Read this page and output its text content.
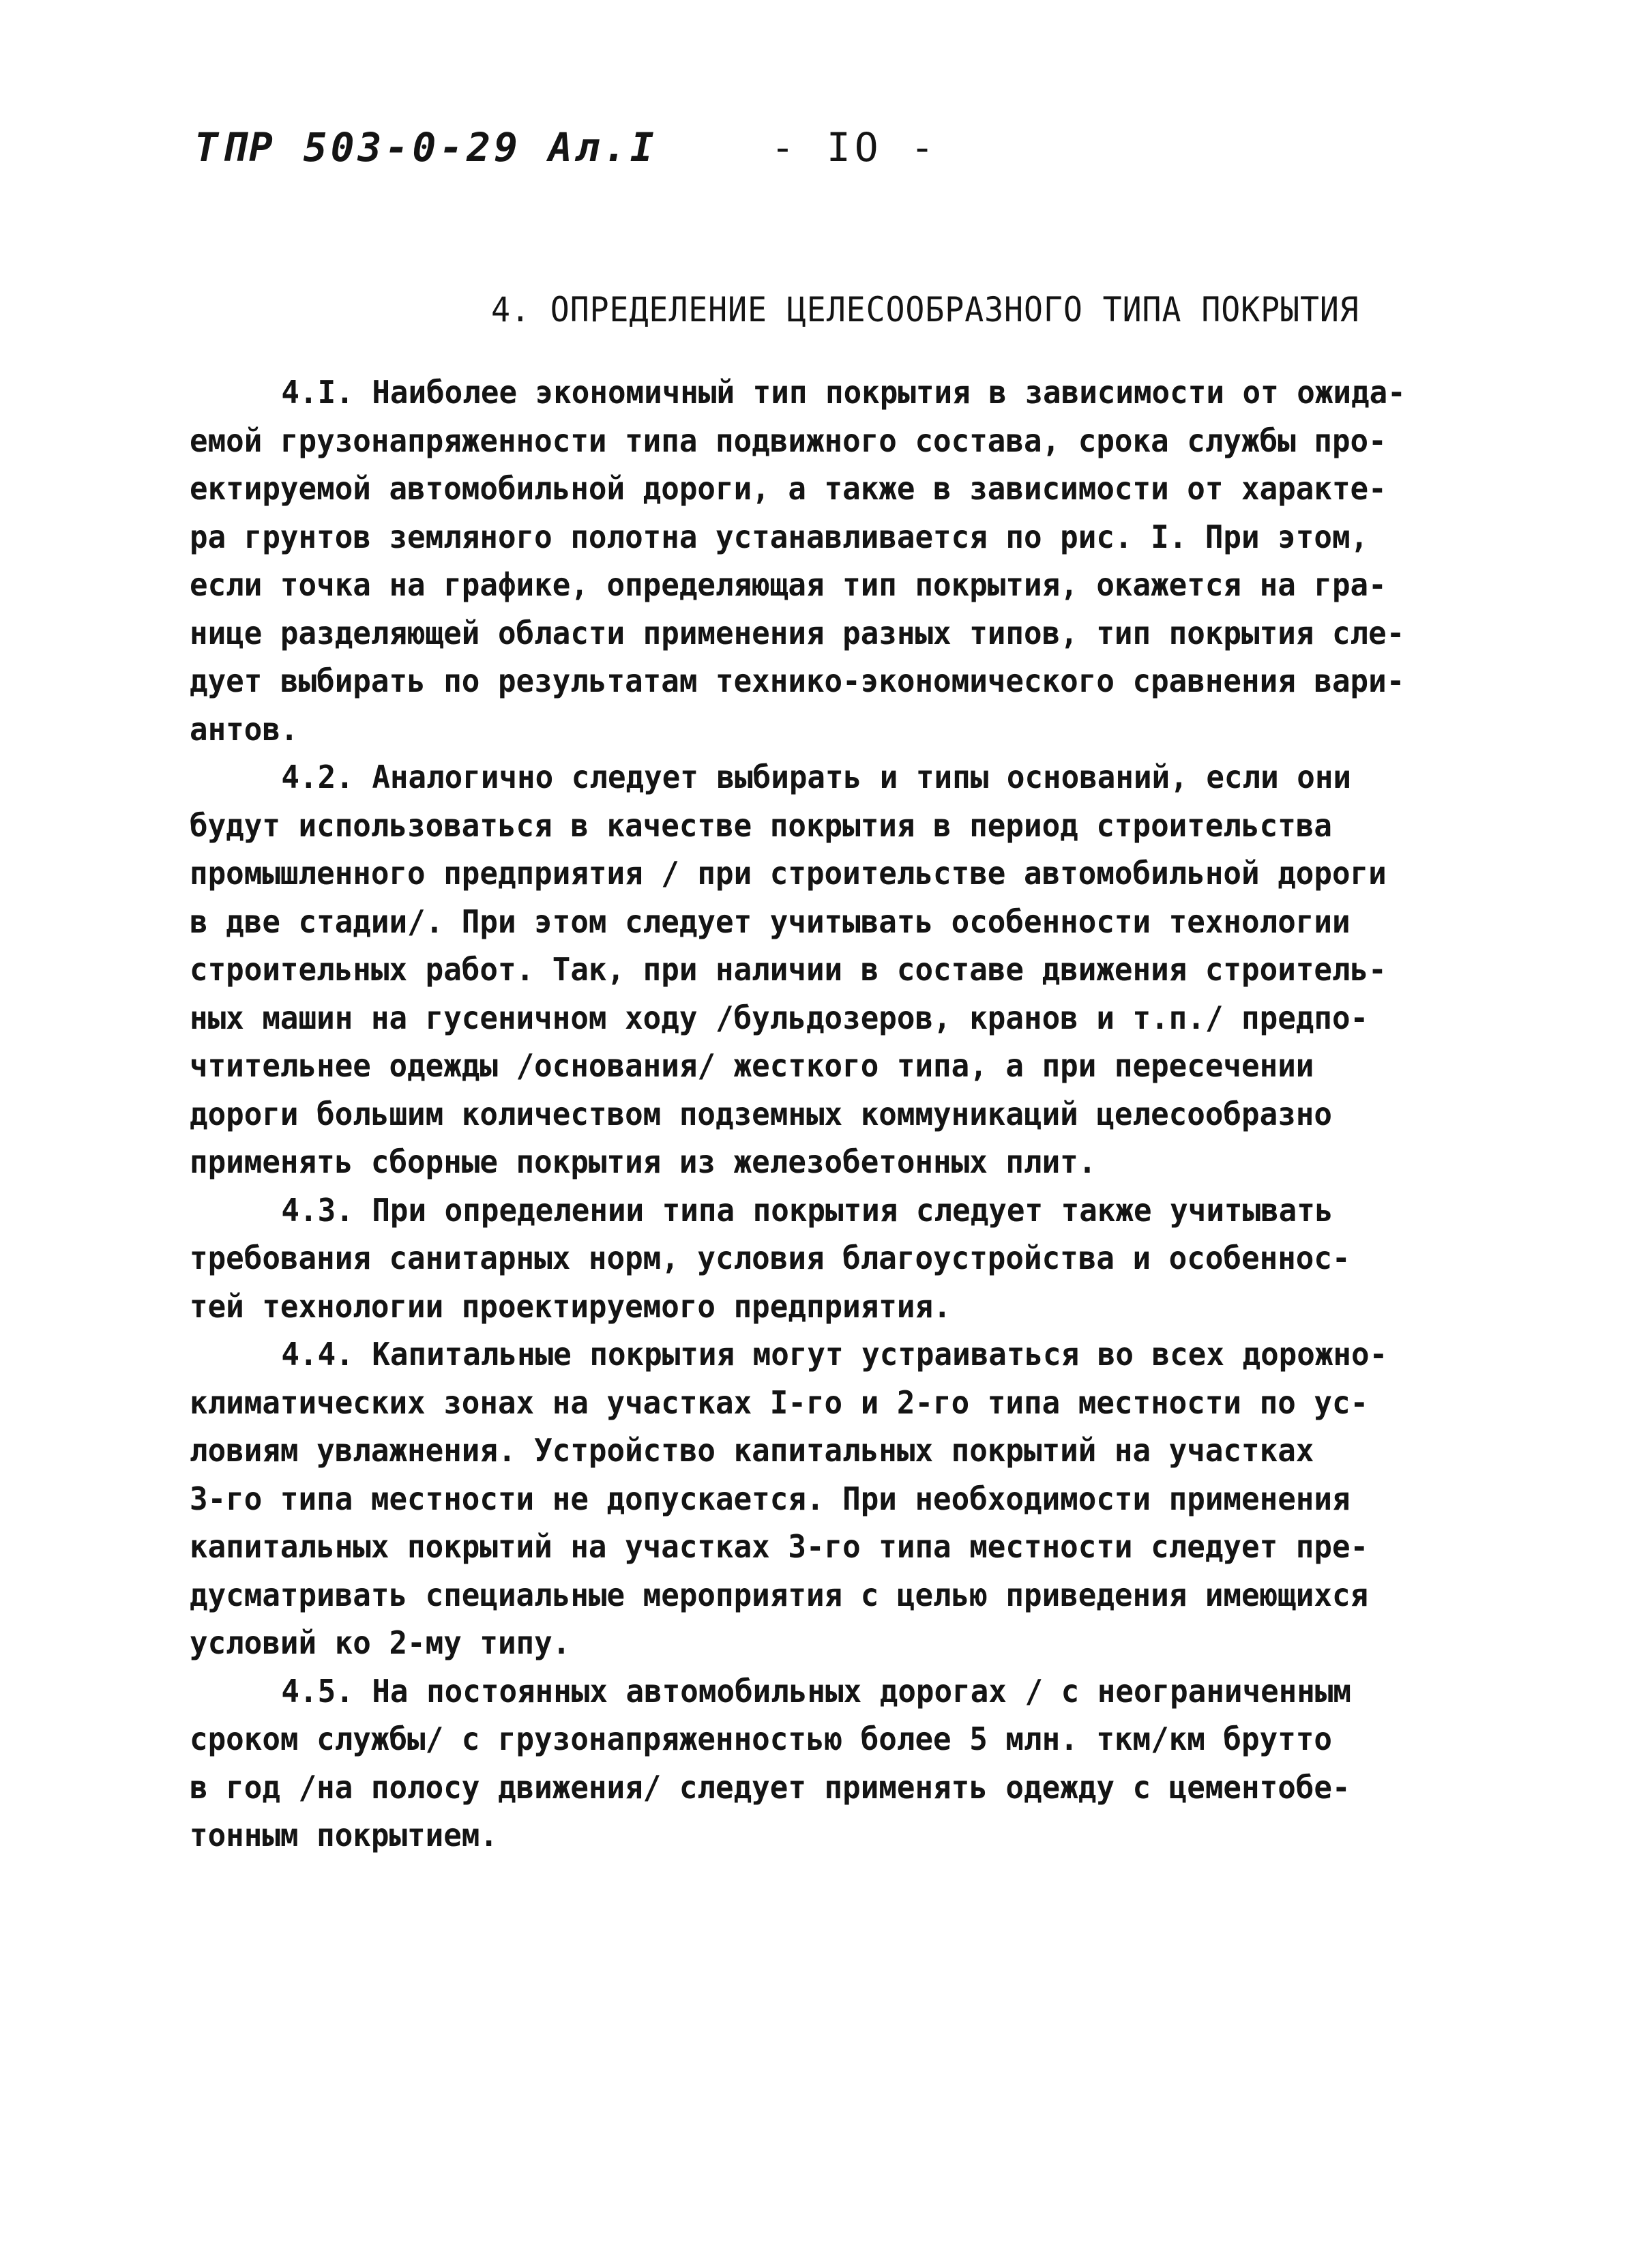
ТПР 503-0-29 Ал.I	- IO -
4. ОПРЕДЕЛЕНИЕ ЦЕЛЕСООБРАЗНОГО ТИПА ПОКРЫТИЯ
4.I. Наиболее экономичный тип покрытия в зависимости от ожида-
емой грузонапряженности типа подвижного состава, срока службы про-
ектируемой автомобильной дороги, а также в зависимости от характе-
ра грунтов земляного полотна устанавливается по рис. I. При этом,
если точка на графике, определяющая тип покрытия, окажется на гра-
нице разделяющей области применения разных типов, тип покрытия сле-
дует выбирать по результатам технико-экономического сравнения вари-
антов.
4.2. Аналогично следует выбирать и типы оснований, если они
будут использоваться в качестве покрытия в период строительства
промышленного предприятия / при строительстве автомобильной дороги
в две стадии/. При этом следует учитывать особенности технологии
строительных работ. Так, при наличии в составе движения строитель-
ных машин на гусеничном ходу /бульдозеров, кранов и т.п./ предпо-
чтительнее одежды /основания/ жесткого типа, а при пересечении
дороги большим количеством подземных коммуникаций целесообразно
применять сборные покрытия из железобетонных плит.
4.3. При определении типа покрытия следует также учитывать
требования санитарных норм, условия благоустройства и особеннос-
тей технологии проектируемого предприятия.
4.4. Капитальные покрытия могут устраиваться во всех дорожно-
климатических зонах на участках I-го и 2-го типа местности по ус-
ловиям увлажнения. Устройство капитальных покрытий на участках
3-го типа местности не допускается. При необходимости применения
капитальных покрытий на участках 3-го типа местности следует пре-
дусматривать специальные мероприятия с целью приведения имеющихся
условий ко 2-му типу.
4.5. На постоянных автомобильных дорогах / с неограниченным
сроком службы/ с грузонапряженностью более 5 млн. ткм/км брутто
в год /на полосу движения/ следует применять одежду с цементобе-
тонным покрытием.
